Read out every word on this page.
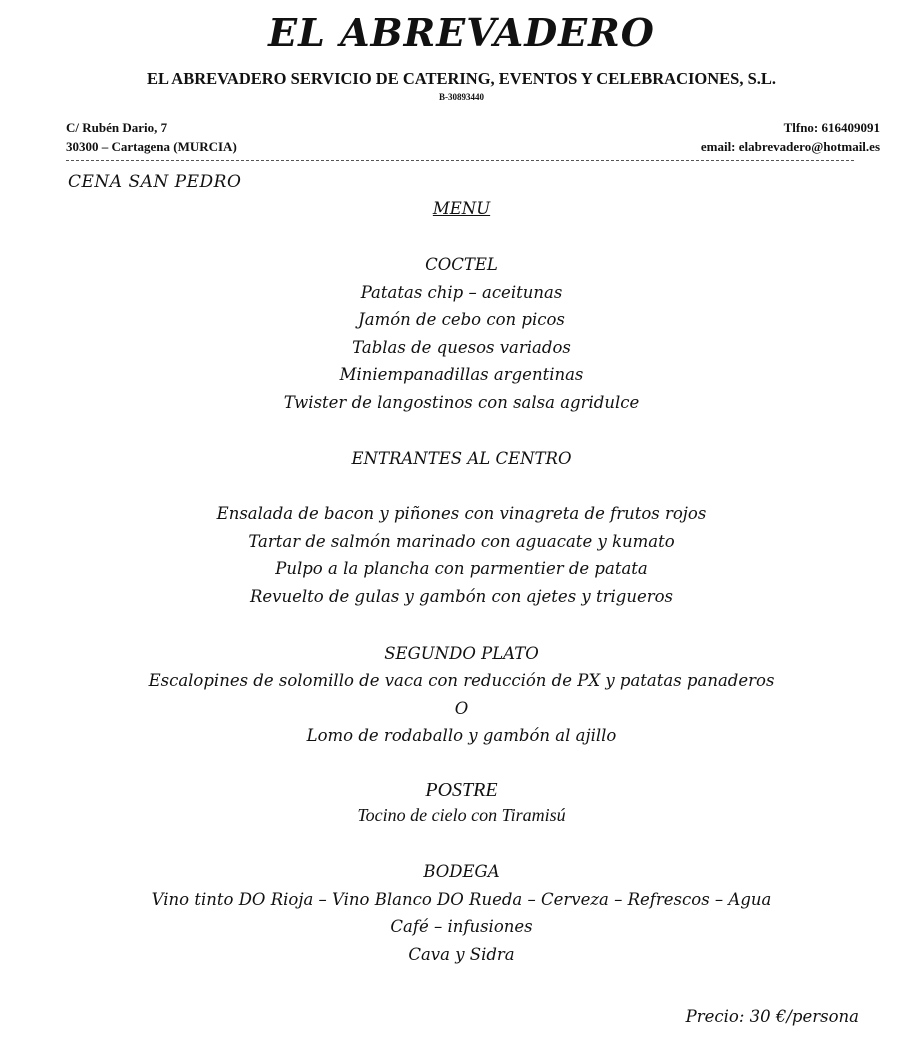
EL ABREVADERO
EL ABREVADERO SERVICIO DE CATERING, EVENTOS Y CELEBRACIONES, S.L.
B-30893440
C/ Rubén Dario, 7
30300 – Cartagena (MURCIA)
Tlfno: 616409091
email: elabrevadero@hotmail.es
CENA SAN PEDRO
MENU
COCTEL
Patatas chip – aceitunas
Jamón de cebo con picos
Tablas de quesos variados
Miniempanadillas argentinas
Twister de langostinos con salsa agridulce
ENTRANTES AL CENTRO
Ensalada de bacon y piñones con vinagreta de frutos rojos
Tartar de salmón marinado con aguacate y kumato
Pulpo a la plancha con parmentier de patata
Revuelto de gulas y gambón con ajetes y trigueros
SEGUNDO PLATO
Escalopines de solomillo de vaca con reducción de PX y patatas panaderos
O
Lomo de rodaballo y gambón al ajillo
POSTRE
Tocino de cielo con Tiramisú
BODEGA
Vino tinto DO Rioja – Vino Blanco DO Rueda – Cerveza – Refrescos – Agua
Café – infusiones
Cava y Sidra
Precio: 30 €/persona
